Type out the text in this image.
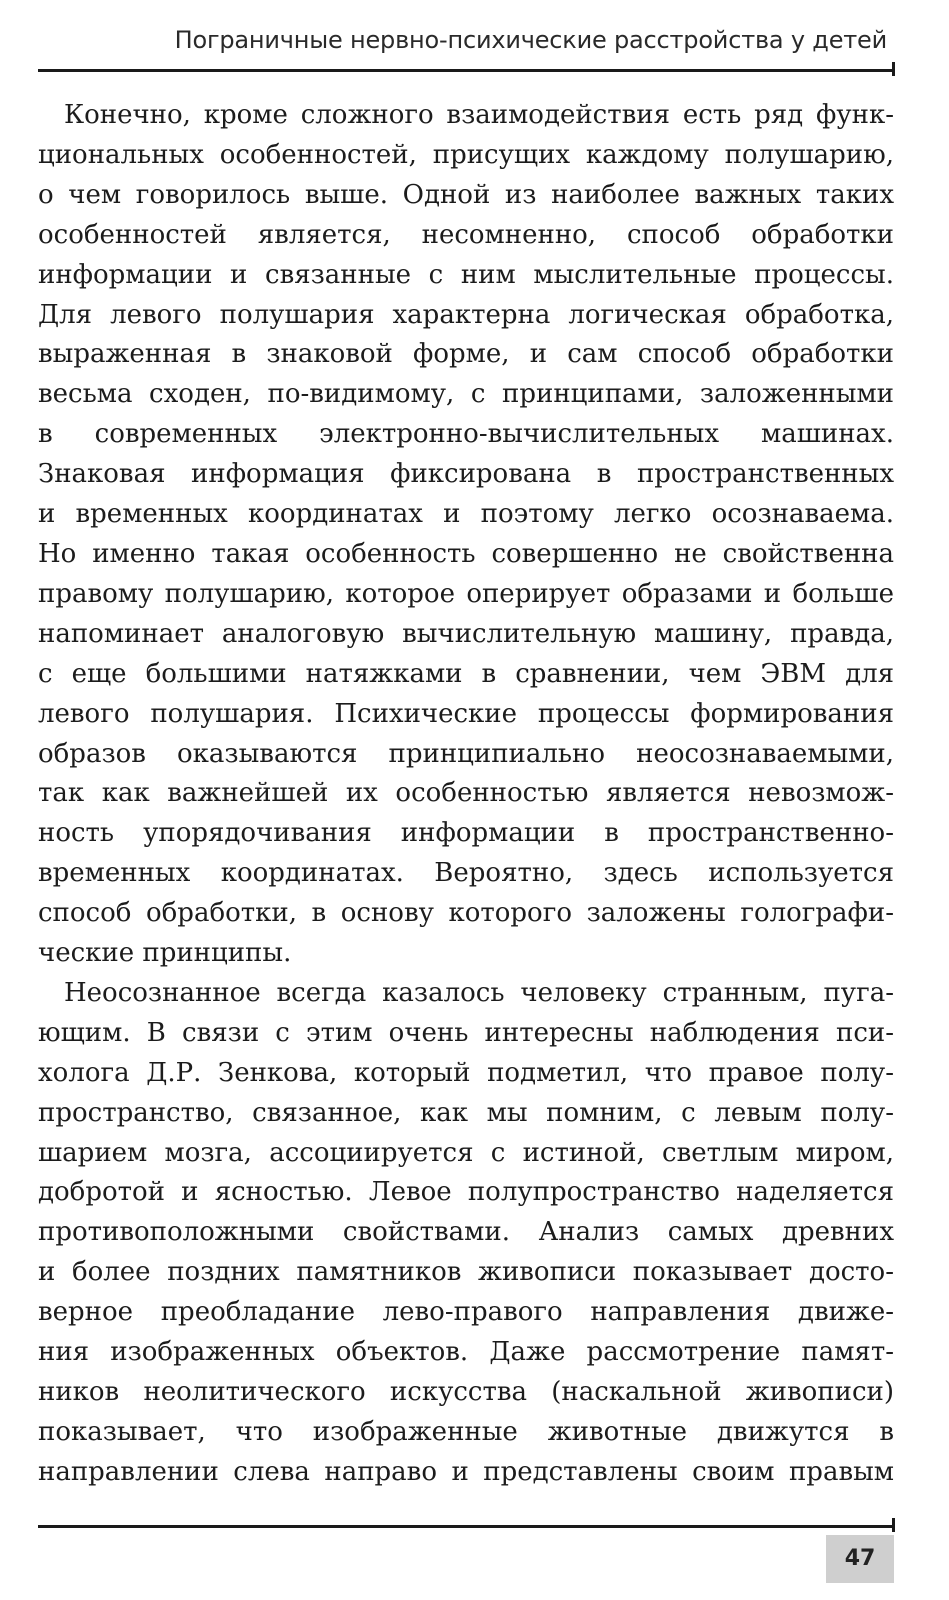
Пограничные нервно-психические расстройства у детей
Конечно, кроме сложного взаимодействия есть ряд функ-
циональных особенностей, присущих каждому полушарию,
о чем говорилось выше. Одной из наиболее важных таких
особенностей является, несомненно, способ обработки
информации и связанные с ним мыслительные процессы.
Для левого полушария характерна логическая обработка,
выраженная в знаковой форме, и сам способ обработки
весьма сходен, по-видимому, с принципами, заложенными
в современных электронно-вычислительных машинах.
Знаковая информация фиксирована в пространственных
и временных координатах и поэтому легко осознаваема.
Но именно такая особенность совершенно не свойственна
правому полушарию, которое оперирует образами и больше
напоминает аналоговую вычислительную машину, правда,
с еще большими натяжками в сравнении, чем ЭВМ для
левого полушария. Психические процессы формирования
образов оказываются принципиально неосознаваемыми,
так как важнейшей их особенностью является невозмож-
ность упорядочивания информации в пространственно-
временных координатах. Вероятно, здесь используется
способ обработки, в основу которого заложены голографи-
ческие принципы.
Неосознанное всегда казалось человеку странным, пуга-
ющим. В связи с этим очень интересны наблюдения пси-
холога Д.Р. Зенкова, который подметил, что правое полу-
пространство, связанное, как мы помним, с левым полу-
шарием мозга, ассоциируется с истиной, светлым миром,
добротой и ясностью. Левое полупространство наделяется
противоположными свойствами. Анализ самых древних
и более поздних памятников живописи показывает досто-
верное преобладание лево-правого направления движе-
ния изображенных объектов. Даже рассмотрение памят-
ников неолитического искусства (наскальной живописи)
показывает, что изображенные животные движутся в
направлении слева направо и представлены своим правым
47
